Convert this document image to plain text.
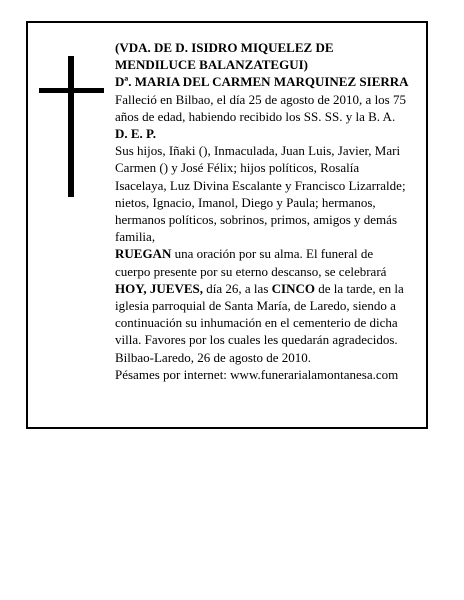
(VDA. DE D. ISIDRO MIQUELEZ DE

MENDILUCE BALANZATEGUI)

Dª. MARIA DEL CARMEN MARQUINEZ SIERRA

Falleció en Bilbao, el día 25 de agosto de 2010, a los 75

años de edad, habiendo recibido los SS. SS. y la B. A.

D. E. P.

Sus hijos, Iñaki (), Inmaculada, Juan Luis, Javier, Mari

Carmen () y José Félix; hijos políticos, Rosalía

Isacelaya, Luz Divina Escalante y Francisco Lizarralde;

nietos, Ignacio, Imanol, Diego y Paula; hermanos,

hermanos políticos, sobrinos, primos, amigos y demás

familia,

RUEGAN una oración por su alma. El funeral de

cuerpo presente por su eterno descanso, se celebrará

HOY, JUEVES, día 26, a las CINCO de la tarde, en la

iglesia parroquial de Santa María, de Laredo, siendo a

continuación su inhumación en el cementerio de dicha

villa. Favores por los cuales les quedarán agradecidos.

Bilbao-Laredo, 26 de agosto de 2010.

Pésames por internet: www.funerarialamontanesa.com
